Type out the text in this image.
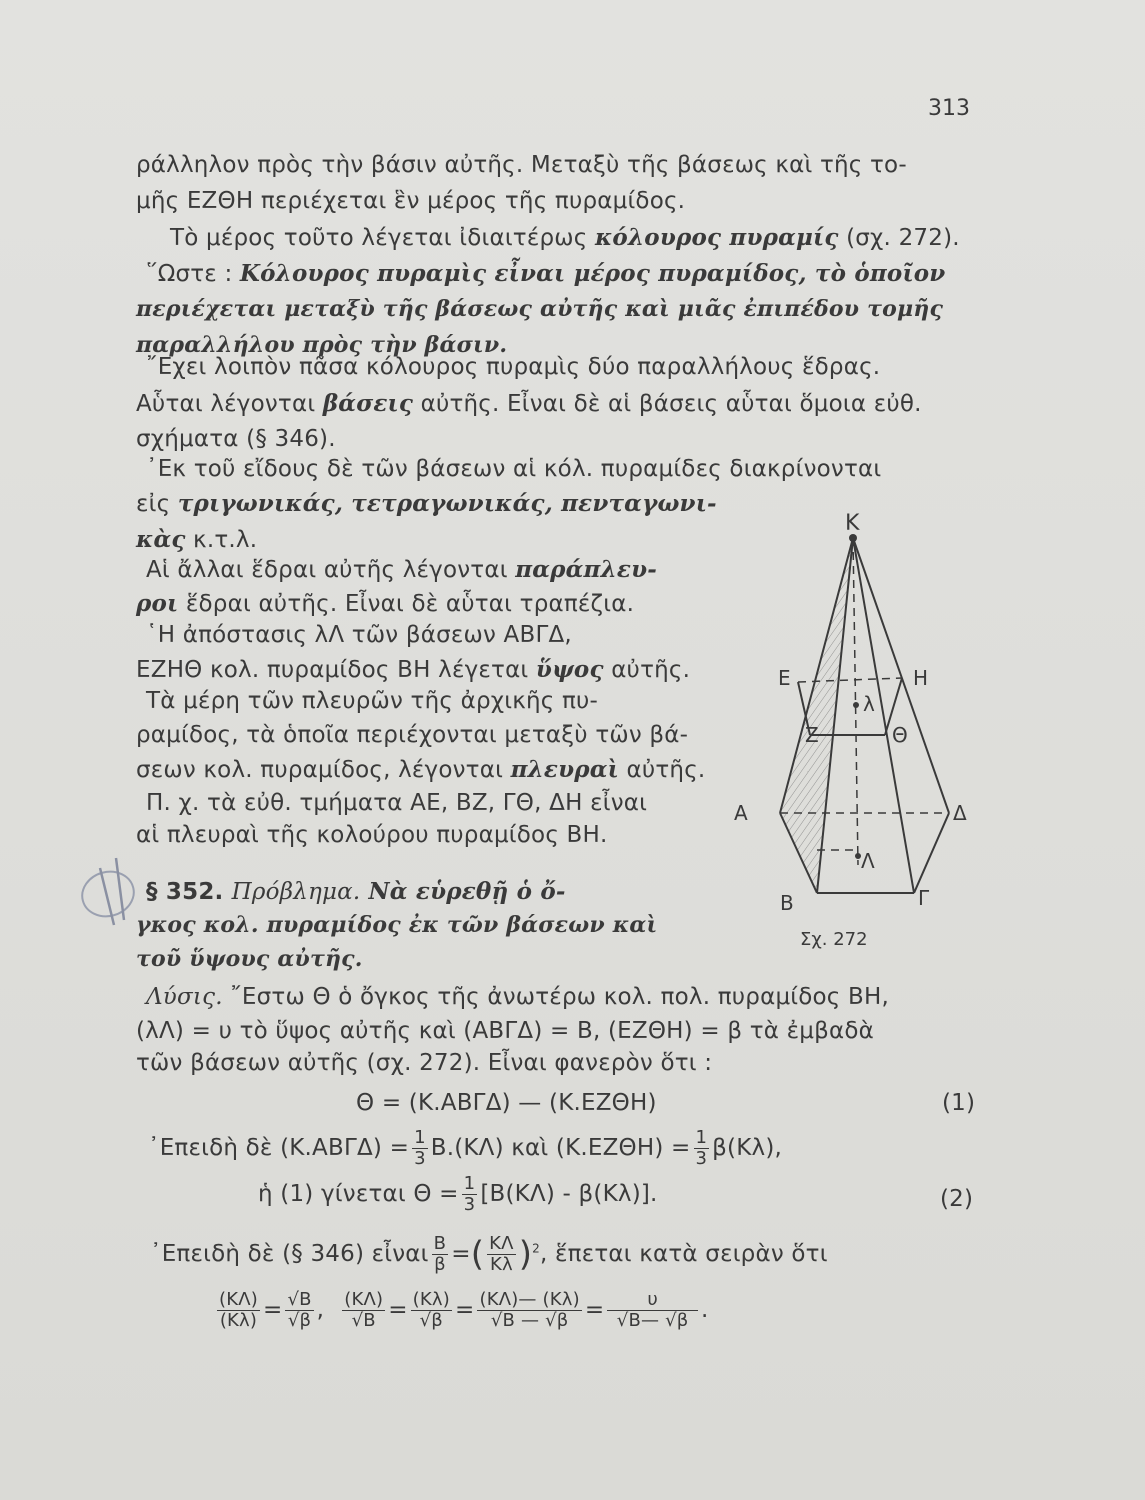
313
ράλληλον πρὸς τὴν βάσιν αὐτῆς. Μεταξὺ τῆς βάσεως καὶ τῆς το-
μῆς ΕΖΘΗ περιέχεται ἓν μέρος τῆς πυραμίδος.
Τὸ μέρος τοῦτο λέγεται ἰδιαιτέρως κόλουρος πυραμίς (σχ. 272).
῞Ωστε : Κόλουρος πυραμὶς εἶναι μέρος πυραμίδος, τὸ ὁποῖον
περιέχεται μεταξὺ τῆς βάσεως αὐτῆς καὶ μιᾶς ἐπιπέδου τομῆς
παραλλήλου πρὸς τὴν βάσιν.
῎Εχει λοιπὸν πᾶσα κόλουρος πυραμὶς δύο παραλλήλους ἕδρας.
Αὗται λέγονται βάσεις αὐτῆς. Εἶναι δὲ αἱ βάσεις αὗται ὅμοια εὐθ.
σχήματα (§ 346).
᾿Εκ τοῦ εἴδους δὲ τῶν βάσεων αἱ κόλ. πυραμίδες διακρίνονται
εἰς τριγωνικάς, τετραγωνικάς, πενταγωνι-
κὰς κ.τ.λ.
Αἱ ἄλλαι ἕδραι αὐτῆς λέγονται παράπλευ-
ροι ἕδραι αὐτῆς. Εἶναι δὲ αὗται τραπέζια.
῾Η ἀπόστασις λΛ τῶν βάσεων ΑΒΓΔ,
ΕΖΗΘ κολ. πυραμίδος ΒΗ λέγεται ὕψος αὐτῆς.
Τὰ μέρη τῶν πλευρῶν τῆς ἀρχικῆς πυ-
ραμίδος, τὰ ὁποῖα περιέχονται μεταξὺ τῶν βά-
σεων κολ. πυραμίδος, λέγονται πλευραὶ αὐτῆς.
Π. χ. τὰ εὐθ. τμήματα ΑΕ, ΒΖ, ΓΘ, ΔΗ εἶναι
αἱ πλευραὶ τῆς κολούρου πυραμίδος ΒΗ.
§ 352. Πρόβλημα. Νὰ εὑρεθῇ ὁ ὄ-
γκος κολ. πυραμίδος ἐκ τῶν βάσεων καὶ
τοῦ ὕψους αὐτῆς.
Λύσις. ῎Εστω Θ ὁ ὄγκος τῆς ἀνωτέρω κολ. πολ. πυραμίδος ΒΗ,
(λΛ) = υ τὸ ὕψος αὐτῆς καὶ (ΑΒΓΔ) = Β, (ΕΖΘΗ) = β τὰ ἐμβαδὰ
τῶν βάσεων αὐτῆς (σχ. 272). Εἶναι φανερὸν ὅτι :
Θ = (Κ.ΑΒΓΔ) — (Κ.ΕΖΘΗ)	(1)
᾿Επειδὴ δὲ $(K.AB\Gamma\Delta) = \frac{1}{3} B.(K\Lambda)$ καὶ $(K.EZ\Theta H) = \frac{1}{3} \beta(K\lambda)$,
ἡ (1) γίνεται $\Theta = \frac{1}{3} [B(K\Lambda) - \beta(K\lambda)]$.	(2)
᾿Επειδὴ δὲ (§ 346) εἶναι $\frac{B}{\beta}$ =( $\frac{K\Lambda}{K\lambda} )^2$, ἕπεται κατὰ σειρὰν ὅτι
$\frac{(K\Lambda)}{(K\lambda)} = \frac{√B}{√\beta}$ , $\frac{(K\Lambda)}{√B} = \frac{(K\lambda)}{√\beta} = \frac{(K\Lambda)— (K\lambda)}{√B — √\beta} = \frac{\upsilon}{√B— √\beta}$ .
Κ
Ε	Η
λ
Ζ	Θ
Α	Δ
Λ
Β	Γ
Σχ. 272
